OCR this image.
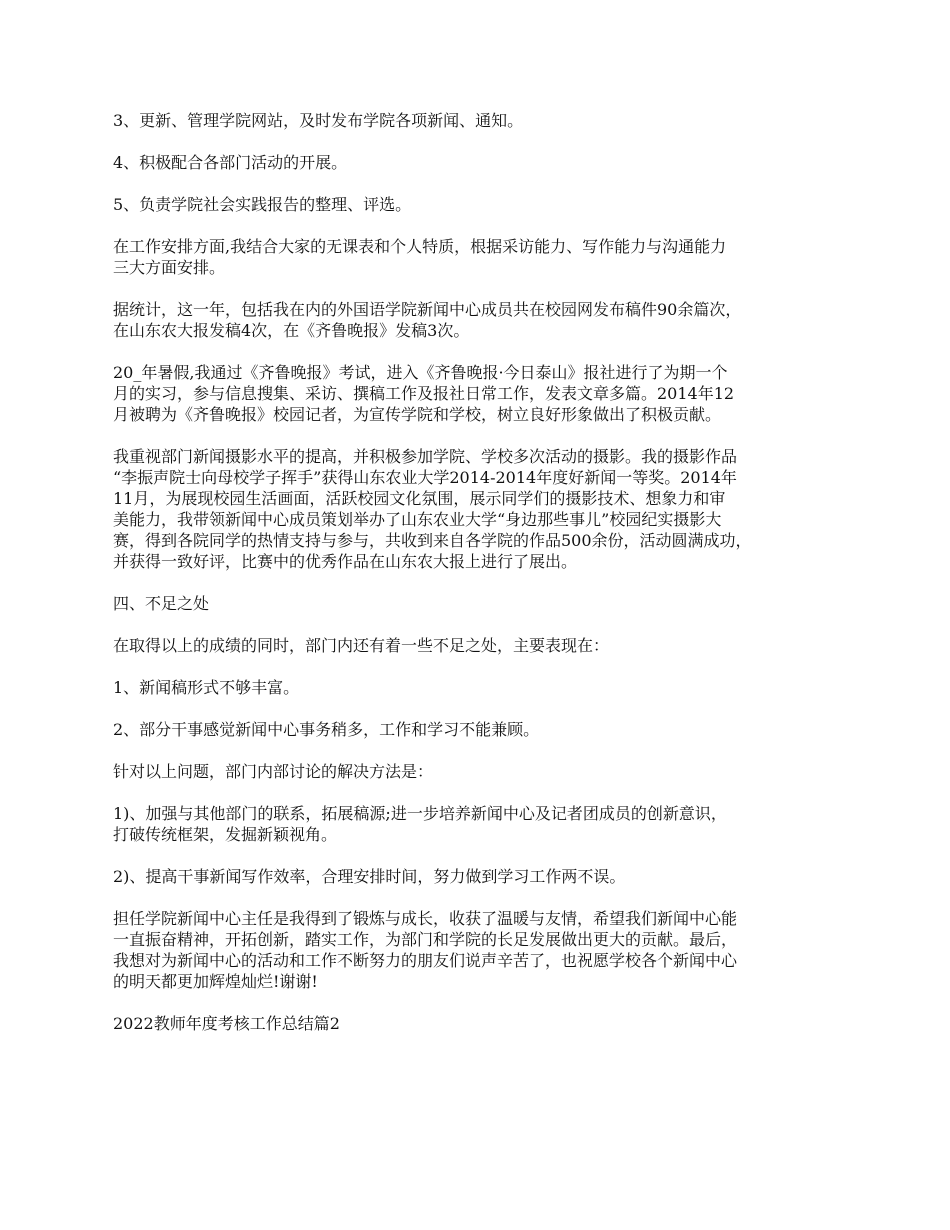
3、更新、管理学院网站，及时发布学院各项新闻、通知。

4、积极配合各部门活动的开展。

5、负责学院社会实践报告的整理、评选。

在工作安排方面,我结合大家的无课表和个人特质，根据采访能力、写作能力与沟通能力
三大方面安排。

据统计，这一年，包括我在内的外国语学院新闻中心成员共在校园网发布稿件90余篇次，
在山东农大报发稿4次，在《齐鲁晚报》发稿3次。

20_年暑假,我通过《齐鲁晚报》考试，进入《齐鲁晚报·今日泰山》报社进行了为期一个
月的实习，参与信息搜集、采访、撰稿工作及报社日常工作，发表文章多篇。2014年12
月被聘为《齐鲁晚报》校园记者，为宣传学院和学校，树立良好形象做出了积极贡献。

我重视部门新闻摄影水平的提高，并积极参加学院、学校多次活动的摄影。我的摄影作品
“李振声院士向母校学子挥手”获得山东农业大学2014-2014年度好新闻一等奖。2014年
11月，为展现校园生活画面，活跃校园文化氛围，展示同学们的摄影技术、想象力和审
美能力，我带领新闻中心成员策划举办了山东农业大学“身边那些事儿”校园纪实摄影大
赛，得到各院同学的热情支持与参与，共收到来自各学院的作品500余份，活动圆满成功，
并获得一致好评，比赛中的优秀作品在山东农大报上进行了展出。

四、不足之处

在取得以上的成绩的同时，部门内还有着一些不足之处，主要表现在：

1、新闻稿形式不够丰富。

2、部分干事感觉新闻中心事务稍多，工作和学习不能兼顾。

针对以上问题，部门内部讨论的解决方法是：

1)、加强与其他部门的联系，拓展稿源;进一步培养新闻中心及记者团成员的创新意识，
打破传统框架，发掘新颖视角。

2)、提高干事新闻写作效率，合理安排时间，努力做到学习工作两不误。

担任学院新闻中心主任是我得到了锻炼与成长，收获了温暖与友情，希望我们新闻中心能
一直振奋精神，开拓创新，踏实工作，为部门和学院的长足发展做出更大的贡献。最后，
我想对为新闻中心的活动和工作不断努力的朋友们说声辛苦了，也祝愿学校各个新闻中心
的明天都更加辉煌灿烂!谢谢!

2022教师年度考核工作总结篇2
